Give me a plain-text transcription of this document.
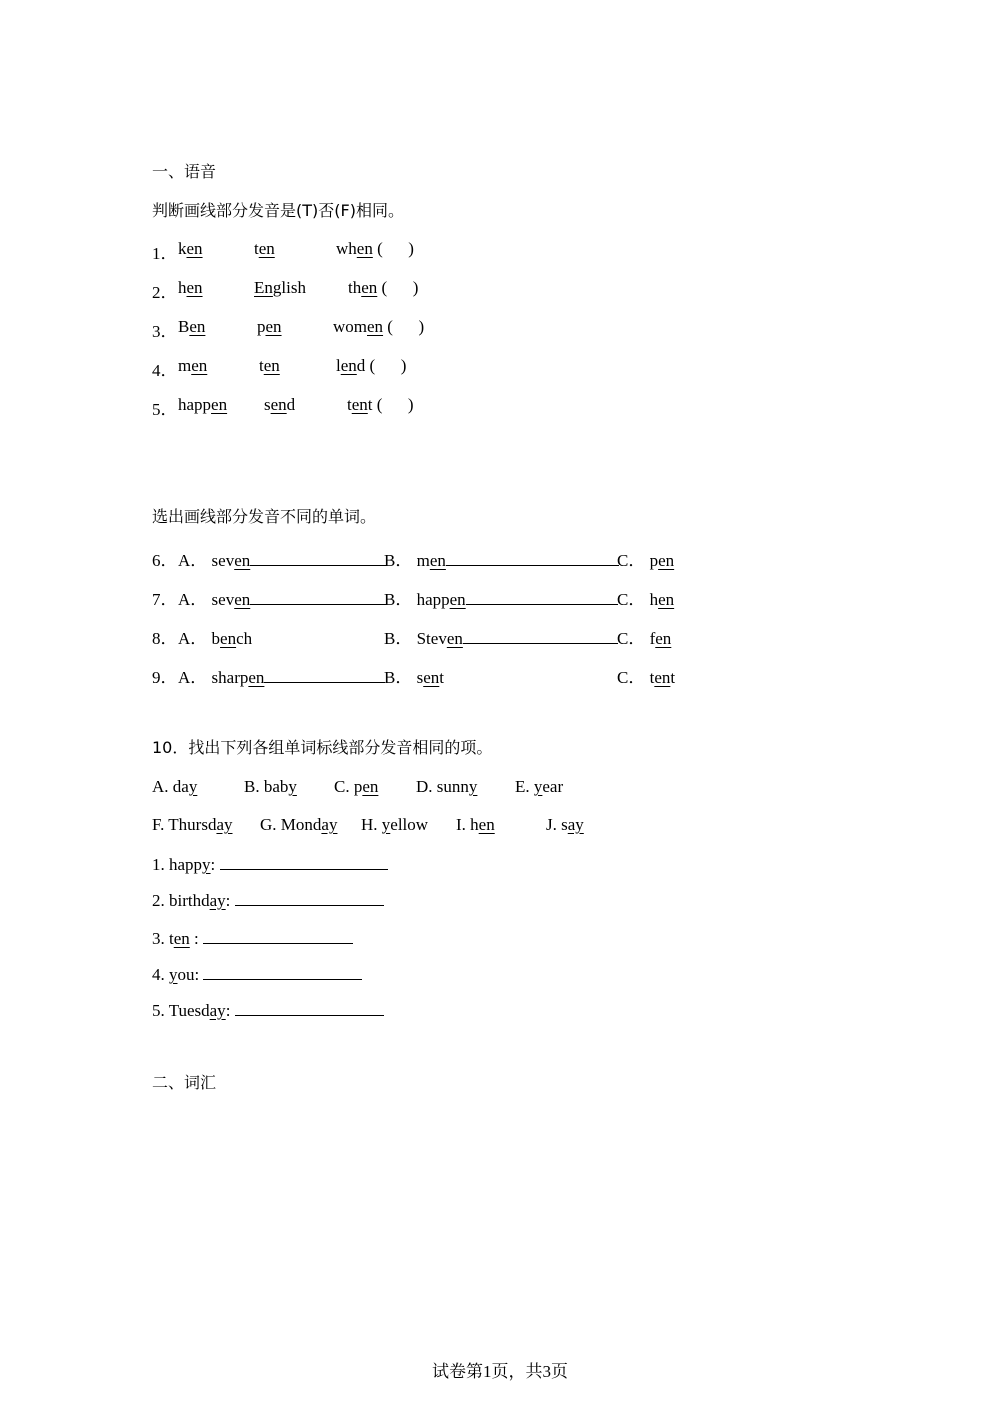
一、语音
判断画线部分发音是(T)否(F)相同。
1． ken	ten	when (      )
2． hen	English then (      )
3． Ben	pen	women (      )
4． men	ten	lend (      )
5． happen send	tent (      )
选出画线部分发音不同的单词。
6． A． seven	B． men	C． pen
7． A． seven	B． happen	C． hen
8． A． bench	B． Steven	C． fen
9． A． sharpen	B． sent	C． tent
10．找出下列各组单词标线部分发音相同的项。
A. day	B. baby C. pen D. sunny E. year
F. Thursday G. Monday H. yellow I. hen	J. say
1. happy:
2. birthday:
3. ten :
4. you:
5. Tuesday:
二、词汇
试卷第1页，共3页
